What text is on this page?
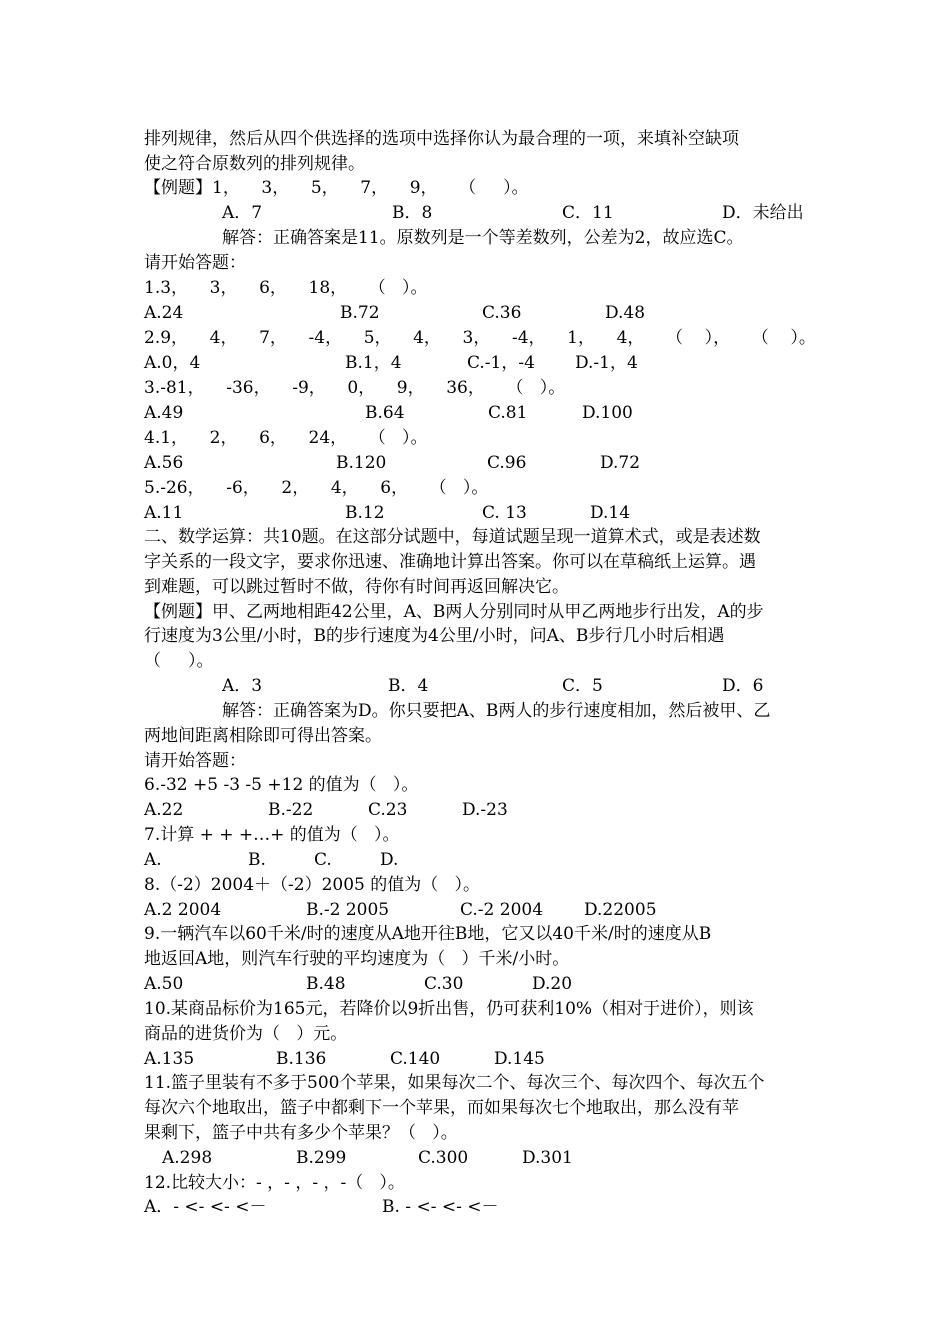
排列规律，然后从四个供选择的选项中选择你认为最合理的一项，来填补空缺项
使之符合原数列的排列规律。
【例题】1，    3，    5，    7，    9，    （     ）。
A．7	B．8	C．11	D．未给出
解答：正确答案是11。原数列是一个等差数列，公差为2，故应选C。
请开始答题：
1.3，    3，    6，    18，    （   ）。
A.24	B.72	C.36	D.48
2.9，    4，    7，    -4，    5，    4，    3，    -4，    1，    4，    （    ），    （    ）。
A.0，4	B.1，4	C.-1，-4 D.-1，4
3.-81，    -36，    -9，    0，    9，    36，    （   ）。
A.49	B.64	C.81	D.100
4.1，    2，    6，    24，    （   ）。
A.56	B.120	C.96	D.72
5.-26，    -6，    2，    4，    6，    （   ）。
A.11	B.12	C. 13	D.14
二、数学运算：共10题。在这部分试题中，每道试题呈现一道算术式，或是表述数
字关系的一段文字，要求你迅速、准确地计算出答案。你可以在草稿纸上运算。遇
到难题，可以跳过暂时不做，待你有时间再返回解决它。
【例题】甲、乙两地相距42公里，A、B两人分别同时从甲乙两地步行出发，A的步
行速度为3公里/小时，B的步行速度为4公里/小时，问A、B步行几小时后相遇
（     ）。
A．3	B．4	C．5	D．6
解答：正确答案为D。你只要把A、B两人的步行速度相加，然后被甲、乙
两地间距离相除即可得出答案。
请开始答题：
6.-32 +5 -3 -5 +12 的值为（   ）。
A.22	B.-22	C.23	D.-23
7.计算 + + +…+ 的值为（   ）。
A.	B.	C.	D.
8.（-2）2004＋（-2）2005 的值为（   ）。
A.2 2004	B.-2 2005	C.-2 2004 D.22005
9.一辆汽车以60千米/时的速度从A地开往B地，它又以40千米/时的速度从B
地返回A地，则汽车行驶的平均速度为（   ）千米/小时。
A.50	B.48	C.30	D.20
10.某商品标价为165元，若降价以9折出售，仍可获利10%（相对于进价），则该
商品的进货价为（   ）元。
A.135	B.136	C.140	D.145
11.篮子里装有不多于500个苹果，如果每次二个、每次三个、每次四个、每次五个
每次六个地取出，篮子中都剩下一个苹果，而如果每次七个地取出，那么没有苹
果剩下，篮子中共有多少个苹果？（   ）。
A.298	B.299	C.300	D.301
12.比较大小：- ，- ，- ，-（   ）。
A．- <- <- <－	B. - <- <- <－
